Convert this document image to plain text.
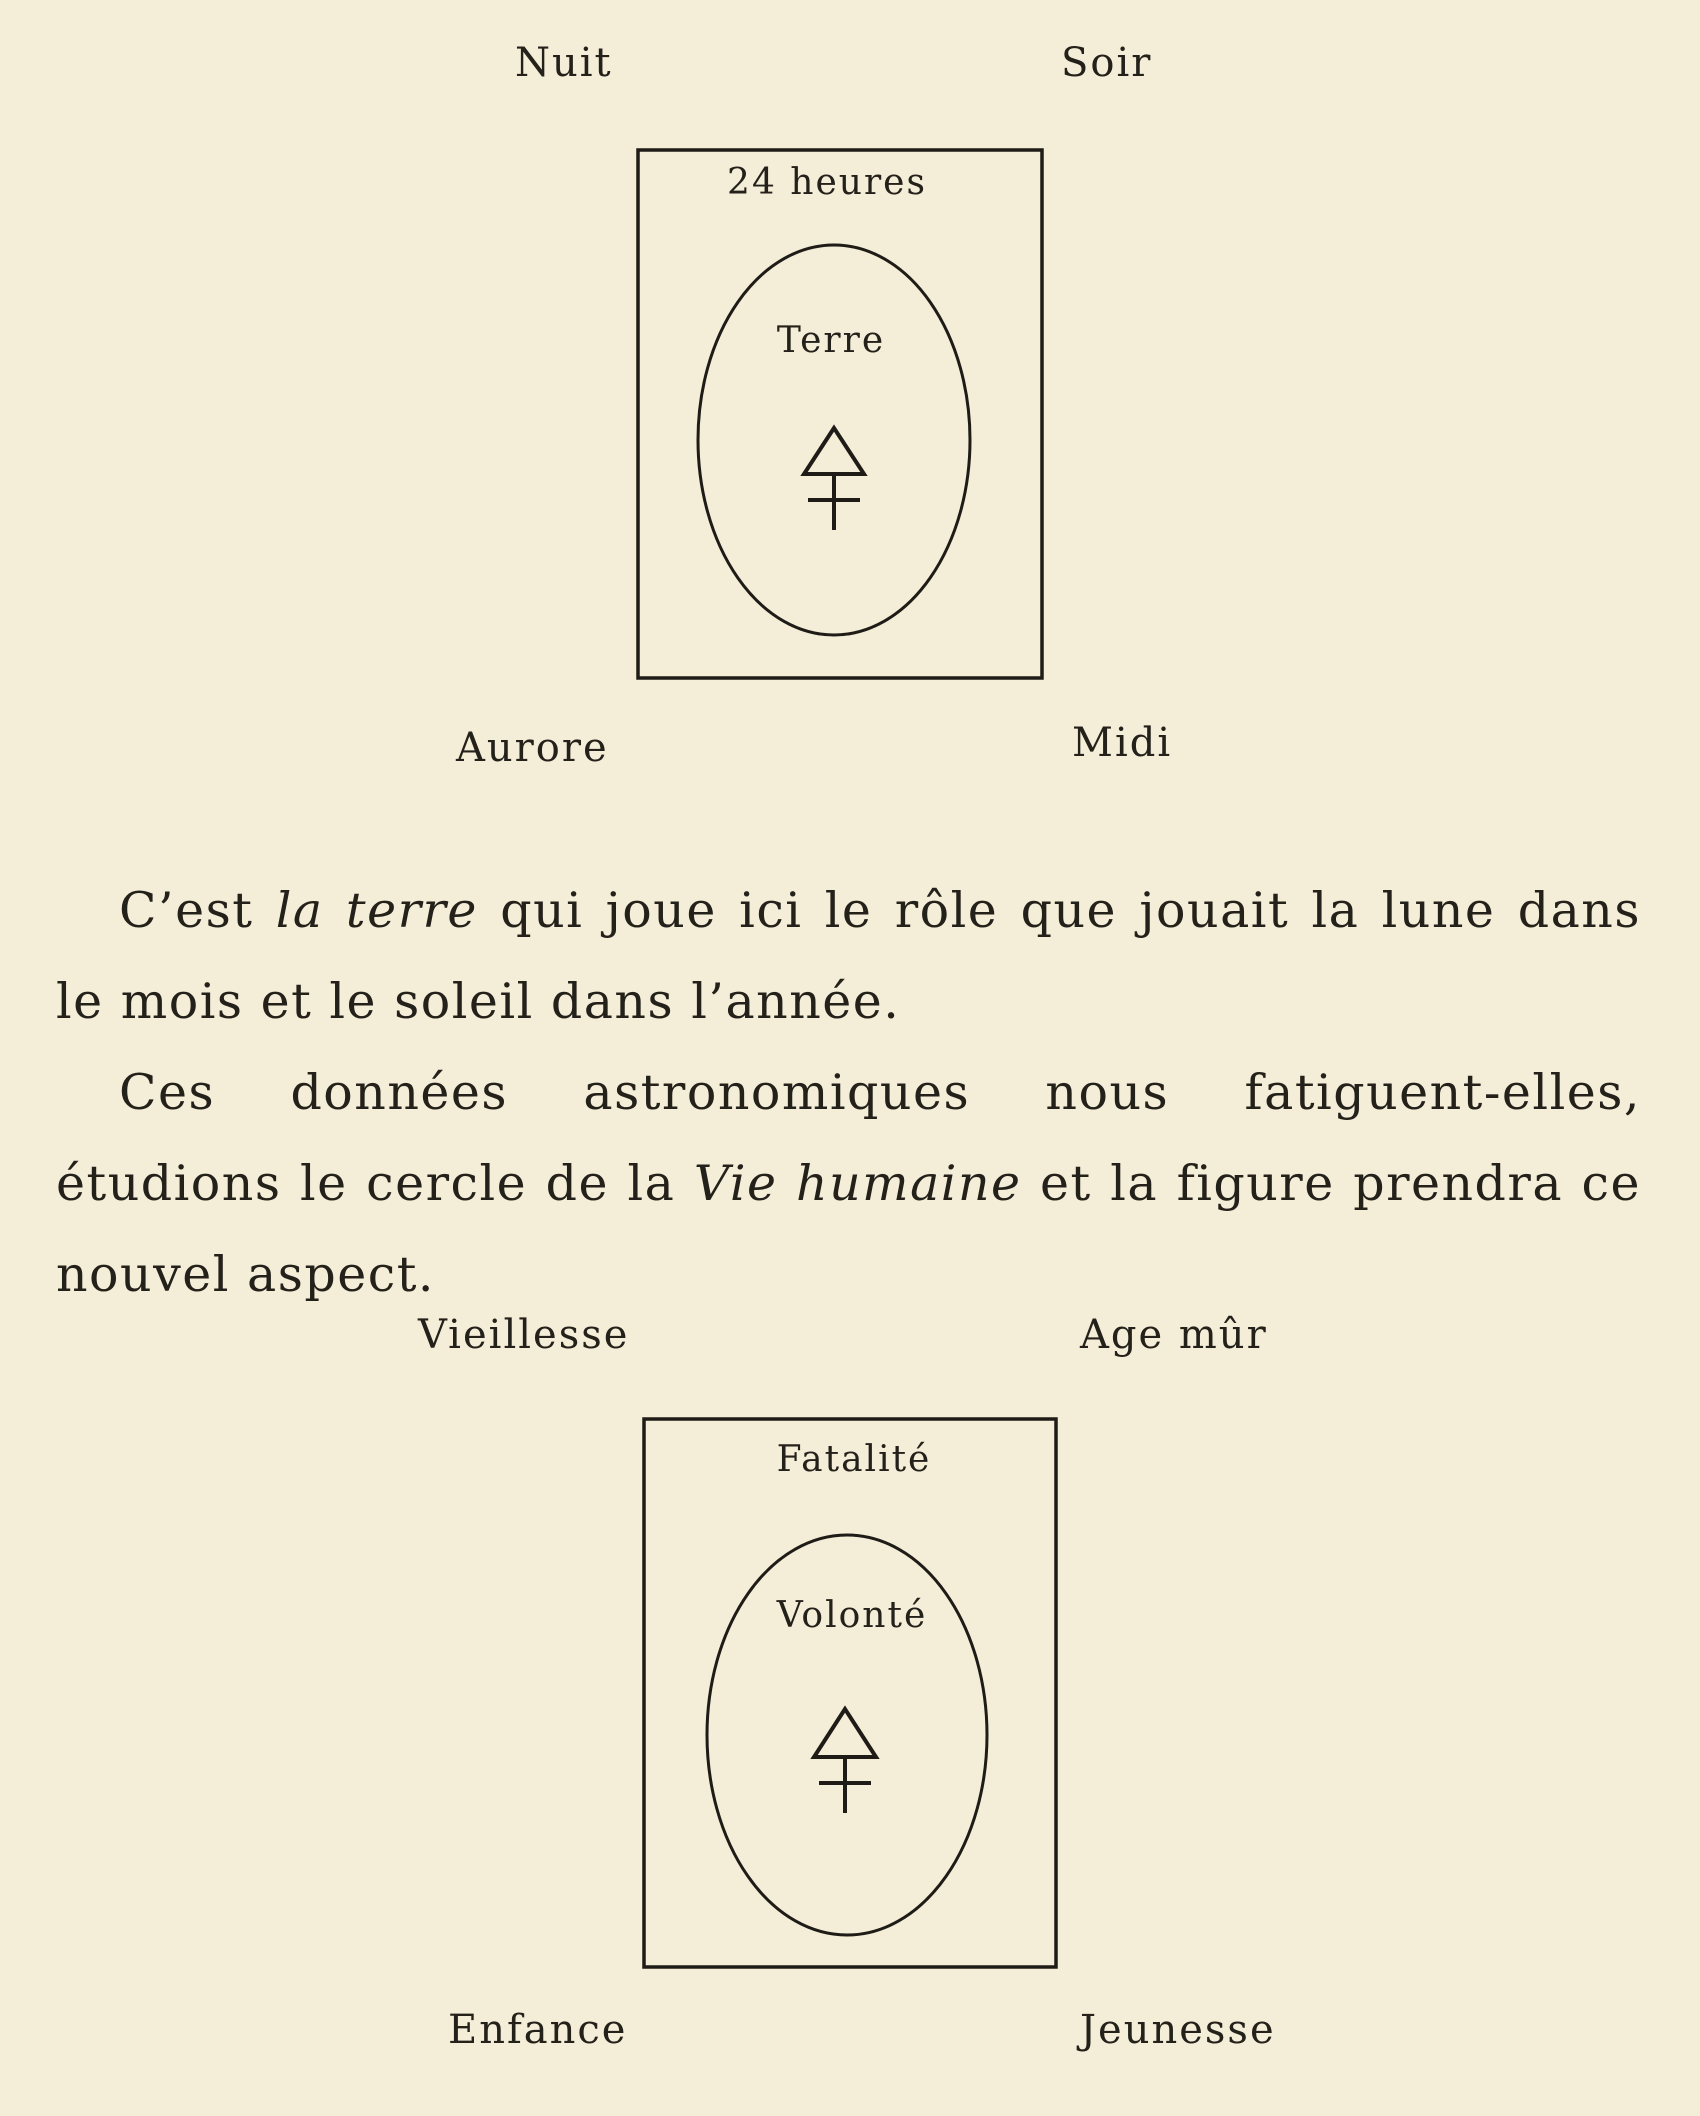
Nuit	Soir
Aurore	Midi
24 heures
Terre

C’est la terre qui joue ici le rôle que jouait la lune dans le mois et le soleil dans l’année.

Ces données astronomiques nous fatiguent-elles, étudions le cercle de la Vie humaine et la figure prendra ce nouvel aspect.

Vieillesse	Age mûr
Enfance	Jeunesse
Fatalité
Volonté
